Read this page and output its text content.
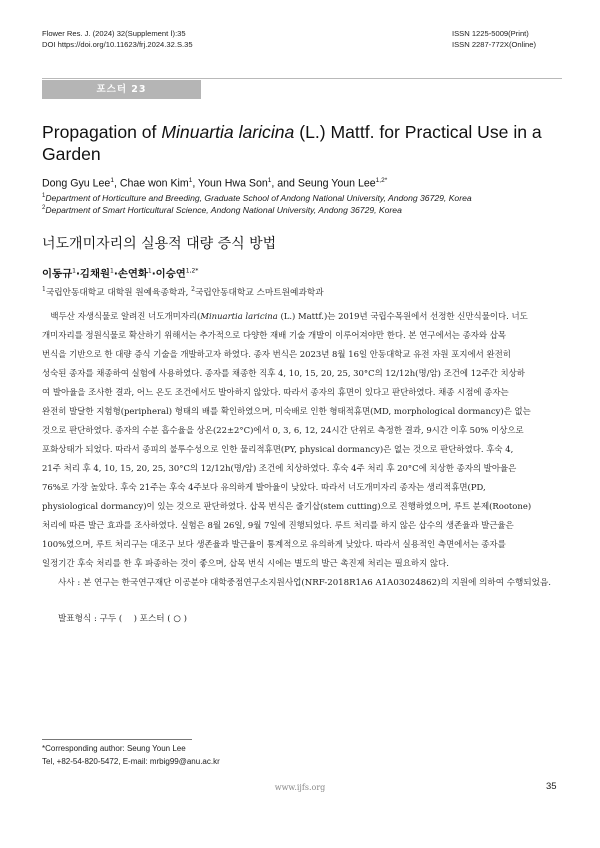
Flower Res. J. (2024) 32(Supplement Ⅰ):35
DOI https://doi.org/10.11623/frj.2024.32.S.35
ISSN 1225-5009(Print)
ISSN 2287-772X(Online)
포스터 23
Propagation of Minuartia laricina (L.) Mattf. for Practical Use in a Garden
Dong Gyu Lee$^1$, Chae won Kim$^1$, Youn Hwa Son$^1$, and Seung Youn Lee$^{1,2*}$
$^1$Department of Horticulture and Breeding, Graduate School of Andong National University, Andong 36729, Korea
$^2$Department of Smart Horticultural Science, Andong National University, Andong 36729, Korea
너도개미자리의 실용적 대량 증식 방법
이동규$^1$·김채원$^1$·손연화$^1$·이승연$^{1,2*}$
$^1$국립안동대학교 대학원 원예육종학과, $^2$국립안동대학교 스마트원예과학과
　백두산 자생식물로 알려진 너도개미자리(Minuartia laricina (L.) Mattf.)는 2019년 국립수목원에서 선정한 신만식물이다. 너도
개미자리를 정원식물로 확산하기 위해서는 추가적으로 다양한 재배 기술 개발이 이루어져야만 한다. 본 연구에서는 종자와 삽목
번식을 기반으로 한 대량 증식 기술을 개발하고자 하였다. 종자 번식은 2023년 8월 16일 안동대학교 유전 자원 포지에서 완전히
성숙된 종자를 채종하여 실험에 사용하였다. 종자를 채종한 직후 4, 10, 15, 20, 25, 30°C의 12/12h(명/암) 조건에 12주간 치상하
여 발아율을 조사한 결과, 어느 온도 조건에서도 발아하지 않았다. 따라서 종자의 휴면이 있다고 판단하였다. 채종 시점에 종자는
완전히 발달한 지험형(peripheral) 형태의 배를 확인하였으며, 미숙배로 인한 형태적휴면(MD, morphological dormancy)은 없는
것으로 판단하였다. 종자의 수분 흡수율을 상온(22±2°C)에서 0, 3, 6, 12, 24시간 단위로 측정한 결과, 9시간 이후 50% 이상으로
포화상태가 되었다. 따라서 종피의 불투수성으로 인한 물리적휴면(PY, physical dormancy)은 없는 것으로 판단하였다. 후숙 4,
21주 처리 후 4, 10, 15, 20, 25, 30°C의 12/12h(명/암) 조건에 치상하였다. 후숙 4주 처리 후 20°C에 치상한 종자의 발아율은
76%로 가장 높았다. 후숙 21주는 후숙 4주보다 유의하게 발아율이 낮았다. 따라서 너도개미자리 종자는 생리적휴면(PD,
physiological dormancy)이 있는 것으로 판단하였다. 삽목 번식은 줄기삽(stem cutting)으로 진행하였으며, 루트 분제(Rootone)
처리에 따른 발근 효과를 조사하였다. 실험은 8월 26일, 9월 7일에 진행되었다. 루트 처리를 하지 않은 삽수의 생존율과 발근율은
100%였으며, 루트 처리구는 대조구 보다 생존율과 발근율이 통계적으로 유의하게 낮았다. 따라서 실용적인 측면에서는 종자를
일정기간 후숙 처리를 한 후 파종하는 것이 좋으며, 삽목 번식 시에는 별도의 발근 촉진제 처리는 필요하지 않다.
사사 : 본 연구는 한국연구재단 이공분야 대학중점연구소지원사업(NRF-2018R1A6 A1A03024862)의 지원에 의하여 수행되었음.
발표형식 : 구두 (　 ) 포스터 ( ○ )
*Corresponding author: Seung Youn Lee
Tel, +82-54-820-5472, E-mail: mrbig99@anu.ac.kr
www.ijfs.org	35
